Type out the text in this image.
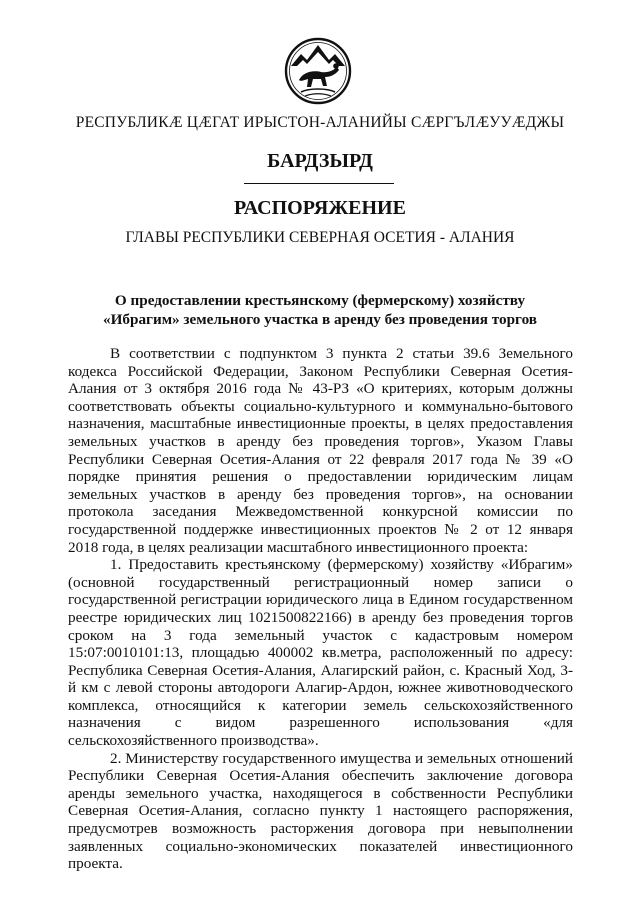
РЕСПУБЛИКÆ ЦÆГАТ ИРЫСТОН-АЛАНИЙЫ СÆРГЪЛÆУУÆДЖЫ
БАРДЗЫРД
РАСПОРЯЖЕНИЕ
ГЛАВЫ РЕСПУБЛИКИ СЕВЕРНАЯ ОСЕТИЯ - АЛАНИЯ
О предоставлении крестьянскому (фермерскому) хозяйству
«Ибрагим» земельного участка в аренду без проведения торгов

В соответствии с подпунктом 3 пункта 2 статьи 39.6 Земельного кодекса Российской Федерации, Законом Республики Северная Осетия-Алания от 3 октября 2016 года № 43-РЗ «О критериях, которым должны соответствовать объекты социально-культурного и коммунально-бытового назначения, масштабные инвестиционные проекты, в целях предоставления земельных участков в аренду без проведения торгов», Указом Главы Республики Северная Осетия-Алания от 22 февраля 2017 года № 39 «О порядке принятия решения о предоставлении юридическим лицам земельных участков в аренду без проведения торгов», на основании протокола заседания Межведомственной конкурсной комиссии по государственной поддержке инвестиционных проектов № 2 от 12 января 2018 года, в целях реализации масштабного инвестиционного проекта:

1. Предоставить крестьянскому (фермерскому) хозяйству «Ибрагим» (основной государственный регистрационный номер записи о государственной регистрации юридического лица в Едином государственном реестре юридических лиц 1021500822166) в аренду без проведения торгов сроком на 3 года земельный участок с кадастровым номером 15:07:0010101:13, площадью 400002 кв.метра, расположенный по адресу: Республика Северная Осетия-Алания, Алагирский район, с. Красный Ход, 3-й км с левой стороны автодороги Алагир-Ардон, южнее животноводческого комплекса, относящийся к категории земель сельскохозяйственного назначения с видом разрешенного использования «для сельскохозяйственного производства».

2. Министерству государственного имущества и земельных отношений Республики Северная Осетия-Алания обеспечить заключение договора аренды земельного участка, находящегося в собственности Республики Северная Осетия-Алания, согласно пункту 1 настоящего распоряжения, предусмотрев возможность расторжения договора при невыполнении заявленных социально-экономических показателей инвестиционного проекта.
